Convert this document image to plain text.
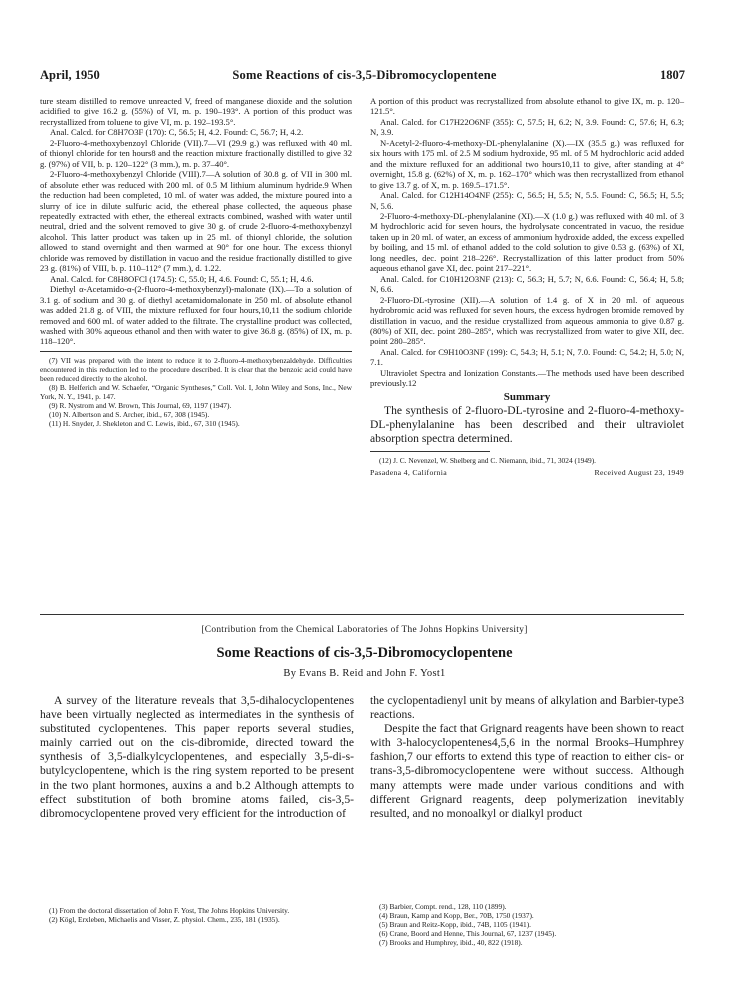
April, 1950	Some Reactions of cis-3,5-Dibromocyclopentene	1807

ture steam distilled to remove unreacted V, freed of manganese dioxide and the solution acidified to give 16.2 g. (55%) of VI, m. p. 190–193°. A portion of this product was recrystallized from toluene to give VI, m. p. 192–193.5°.

Anal. Calcd. for C8H7O3F (170): C, 56.5; H, 4.2. Found: C, 56.7; H, 4.2.

2-Fluoro-4-methoxybenzoyl Chloride (VII).7—VI (29.9 g.) was refluxed with 40 ml. of thionyl chloride for ten hours8 and the reaction mixture fractionally distilled to give 32 g. (97%) of VII, b. p. 120–122° (3 mm.), m. p. 37–40°.

2-Fluoro-4-methoxybenzyl Chloride (VIII).7—A solution of 30.8 g. of VII in 300 ml. of absolute ether was reduced with 200 ml. of 0.5 M lithium aluminum hydride.9 When the reduction had been completed, 10 ml. of water was added, the mixture poured into a slurry of ice in dilute sulfuric acid, the ethereal phase collected, the aqueous phase repeatedly extracted with ether, the ethereal extracts combined, washed with water until neutral, dried and the solvent removed to give 30 g. of crude 2-fluoro-4-methoxybenzyl alcohol. This latter product was taken up in 25 ml. of thionyl chloride, the solution allowed to stand overnight and then warmed at 90° for one hour. The excess thionyl chloride was removed by distillation in vacuo and the residue fractionally distilled to give 23 g. (81%) of VIII, b. p. 110–112° (7 mm.), d. 1.22.

Anal. Calcd. for C8H8OFCl (174.5): C, 55.0; H, 4.6. Found: C, 55.1; H, 4.6.

Diethyl α-Acetamido-α-(2-fluoro-4-methoxybenzyl)-malonate (IX).—To a solution of 3.1 g. of sodium and 30 g. of diethyl acetamidomalonate in 250 ml. of absolute ethanol was added 21.8 g. of VIII, the mixture refluxed for four hours,10,11 the sodium chloride removed and 600 ml. of water added to the filtrate. The crystalline product was collected, washed with 30% aqueous ethanol and then with water to give 36.8 g. (85%) of IX, m. p. 118–120°.

(7) VII was prepared with the intent to reduce it to 2-fluoro-4-methoxybenzaldehyde. Difficulties encountered in this reduction led to the procedure described. It is clear that the benzoic acid could have been reduced directly to the alcohol.

(8) B. Helferich and W. Schaefer, “Organic Syntheses,” Coll. Vol. I, John Wiley and Sons, Inc., New York, N. Y., 1941, p. 147.

(9) R. Nystrom and W. Brown, This Journal, 69, 1197 (1947).

(10) N. Albertson and S. Archer, ibid., 67, 308 (1945).

(11) H. Snyder, J. Shekleton and C. Lewis, ibid., 67, 310 (1945).

A portion of this product was recrystallized from absolute ethanol to give IX, m. p. 120–121.5°.

Anal. Calcd. for C17H22O6NF (355): C, 57.5; H, 6.2; N, 3.9. Found: C, 57.6; H, 6.3; N, 3.9.

N-Acetyl-2-fluoro-4-methoxy-DL-phenylalanine (X).—IX (35.5 g.) was refluxed for six hours with 175 ml. of 2.5 M sodium hydroxide, 95 ml. of 5 M hydrochloric acid added and the mixture refluxed for an additional two hours10,11 to give, after standing at 4° overnight, 15.8 g. (62%) of X, m. p. 162–170° which was then recrystallized from ethanol to give 13.7 g. of X, m. p. 169.5–171.5°.

Anal. Calcd. for C12H14O4NF (255): C, 56.5; H, 5.5; N, 5.5. Found: C, 56.5; H, 5.5; N, 5.6.

2-Fluoro-4-methoxy-DL-phenylalanine (XI).—X (1.0 g.) was refluxed with 40 ml. of 3 M hydrochloric acid for seven hours, the hydrolysate concentrated in vacuo, the residue taken up in 20 ml. of water, an excess of ammonium hydroxide added, the excess expelled by boiling, and 15 ml. of ethanol added to the cold solution to give 0.53 g. (63%) of XI, long needles, dec. point 218–226°. Recrystallization of this latter product from 50% aqueous ethanol gave XI, dec. point 217–221°.

Anal. Calcd. for C10H12O3NF (213): C, 56.3; H, 5.7; N, 6.6. Found: C, 56.4; H, 5.8; N, 6.6.

2-Fluoro-DL-tyrosine (XII).—A solution of 1.4 g. of X in 20 ml. of aqueous hydrobromic acid was refluxed for seven hours, the excess hydrogen bromide removed by distillation in vacuo, and the residue crystallized from aqueous ammonia to give 0.87 g. (80%) of XII, dec. point 280–285°, which was recrystallized from water to give XII, dec. point 280–285°.

Anal. Calcd. for C9H10O3NF (199): C, 54.3; H, 5.1; N, 7.0. Found: C, 54.2; H, 5.0; N, 7.1.

Ultraviolet Spectra and Ionization Constants.—The methods used have been described previously.12

Summary

The synthesis of 2-fluoro-DL-tyrosine and 2-fluoro-4-methoxy-DL-phenylalanine has been described and their ultraviolet absorption spectra determined.

(12) J. C. Nevenzel, W. Shelberg and C. Niemann, ibid., 71, 3024 (1949).

Pasadena 4, California	Received August 23, 1949
[Contribution from the Chemical Laboratories of The Johns Hopkins University]
Some Reactions of cis-3,5-Dibromocyclopentene
By Evans B. Reid and John F. Yost1

A survey of the literature reveals that 3,5-dihalocyclopentenes have been virtually neglected as intermediates in the synthesis of substituted cyclopentenes. This paper reports several studies, mainly carried out on the cis-dibromide, directed toward the synthesis of 3,5-dialkylcyclopentenes, and especially 3,5-di-s-butylcyclopentene, which is the ring system reported to be present in the two plant hormones, auxins a and b.2 Although attempts to effect substitution of both bromine atoms failed, cis-3,5-dibromocyclopentene proved very efficient for the introduction of

(1) From the doctoral dissertation of John F. Yost, The Johns Hopkins University.

(2) Kögl, Erxleben, Michaelis and Visser, Z. physiol. Chem., 235, 181 (1935).

the cyclopentadienyl unit by means of alkylation and Barbier-type3 reactions.

Despite the fact that Grignard reagents have been shown to react with 3-halocyclopentenes4,5,6 in the normal Brooks–Humphrey fashion,7 our efforts to extend this type of reaction to either cis- or trans-3,5-dibromocyclopentene were without success. Although many attempts were made under various conditions and with different Grignard reagents, deep polymerization inevitably resulted, and no monoalkyl or dialkyl product

(3) Barbier, Compt. rend., 128, 110 (1899).

(4) Braun, Kamp and Kopp, Ber., 70B, 1750 (1937).

(5) Braun and Reitz-Kopp, ibid., 74B, 1105 (1941).

(6) Crane, Boord and Henne, This Journal, 67, 1237 (1945).

(7) Brooks and Humphrey, ibid., 40, 822 (1918).
